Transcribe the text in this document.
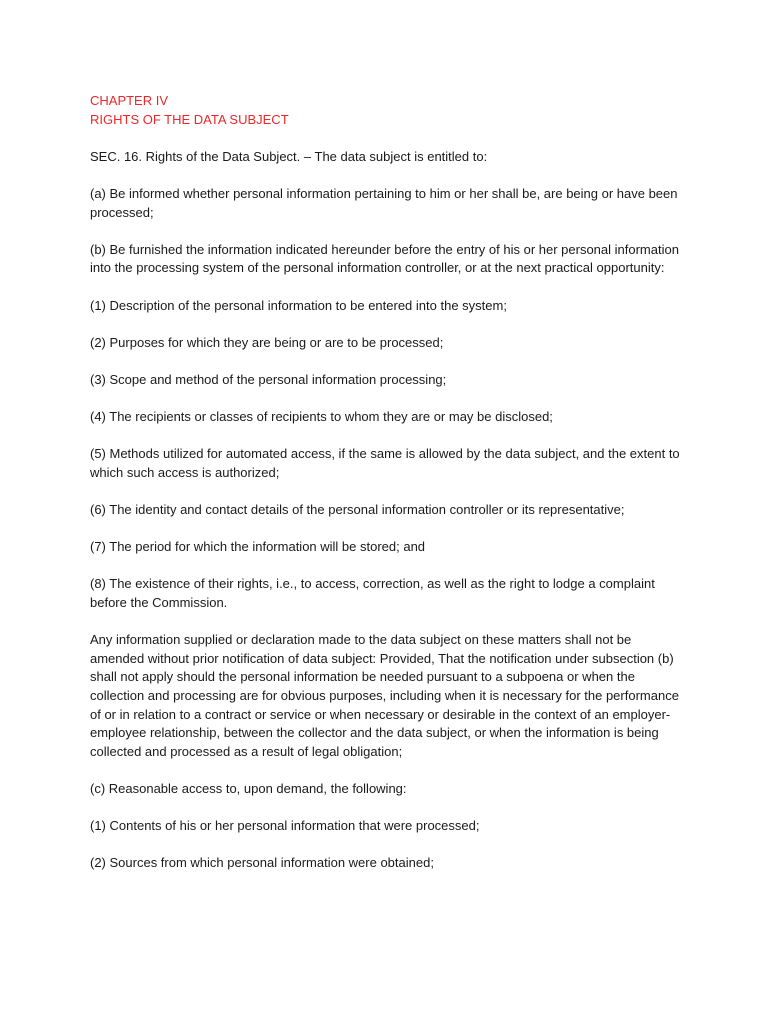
CHAPTER IV
RIGHTS OF THE DATA SUBJECT

SEC. 16. Rights of the Data Subject. – The data subject is entitled to:

(a) Be informed whether personal information pertaining to him or her shall be, are being or have been processed;

(b) Be furnished the information indicated hereunder before the entry of his or her personal information into the processing system of the personal information controller, or at the next practical opportunity:

(1) Description of the personal information to be entered into the system;

(2) Purposes for which they are being or are to be processed;

(3) Scope and method of the personal information processing;

(4) The recipients or classes of recipients to whom they are or may be disclosed;

(5) Methods utilized for automated access, if the same is allowed by the data subject, and the extent to which such access is authorized;

(6) The identity and contact details of the personal information controller or its representative;

(7) The period for which the information will be stored; and

(8) The existence of their rights, i.e., to access, correction, as well as the right to lodge a complaint before the Commission.

Any information supplied or declaration made to the data subject on these matters shall not be amended without prior notification of data subject: Provided, That the notification under subsection (b) shall not apply should the personal information be needed pursuant to a subpoena or when the collection and processing are for obvious purposes, including when it is necessary for the performance of or in relation to a contract or service or when necessary or desirable in the context of an employer-employee relationship, between the collector and the data subject, or when the information is being collected and processed as a result of legal obligation;

(c) Reasonable access to, upon demand, the following:

(1) Contents of his or her personal information that were processed;

(2) Sources from which personal information were obtained;
